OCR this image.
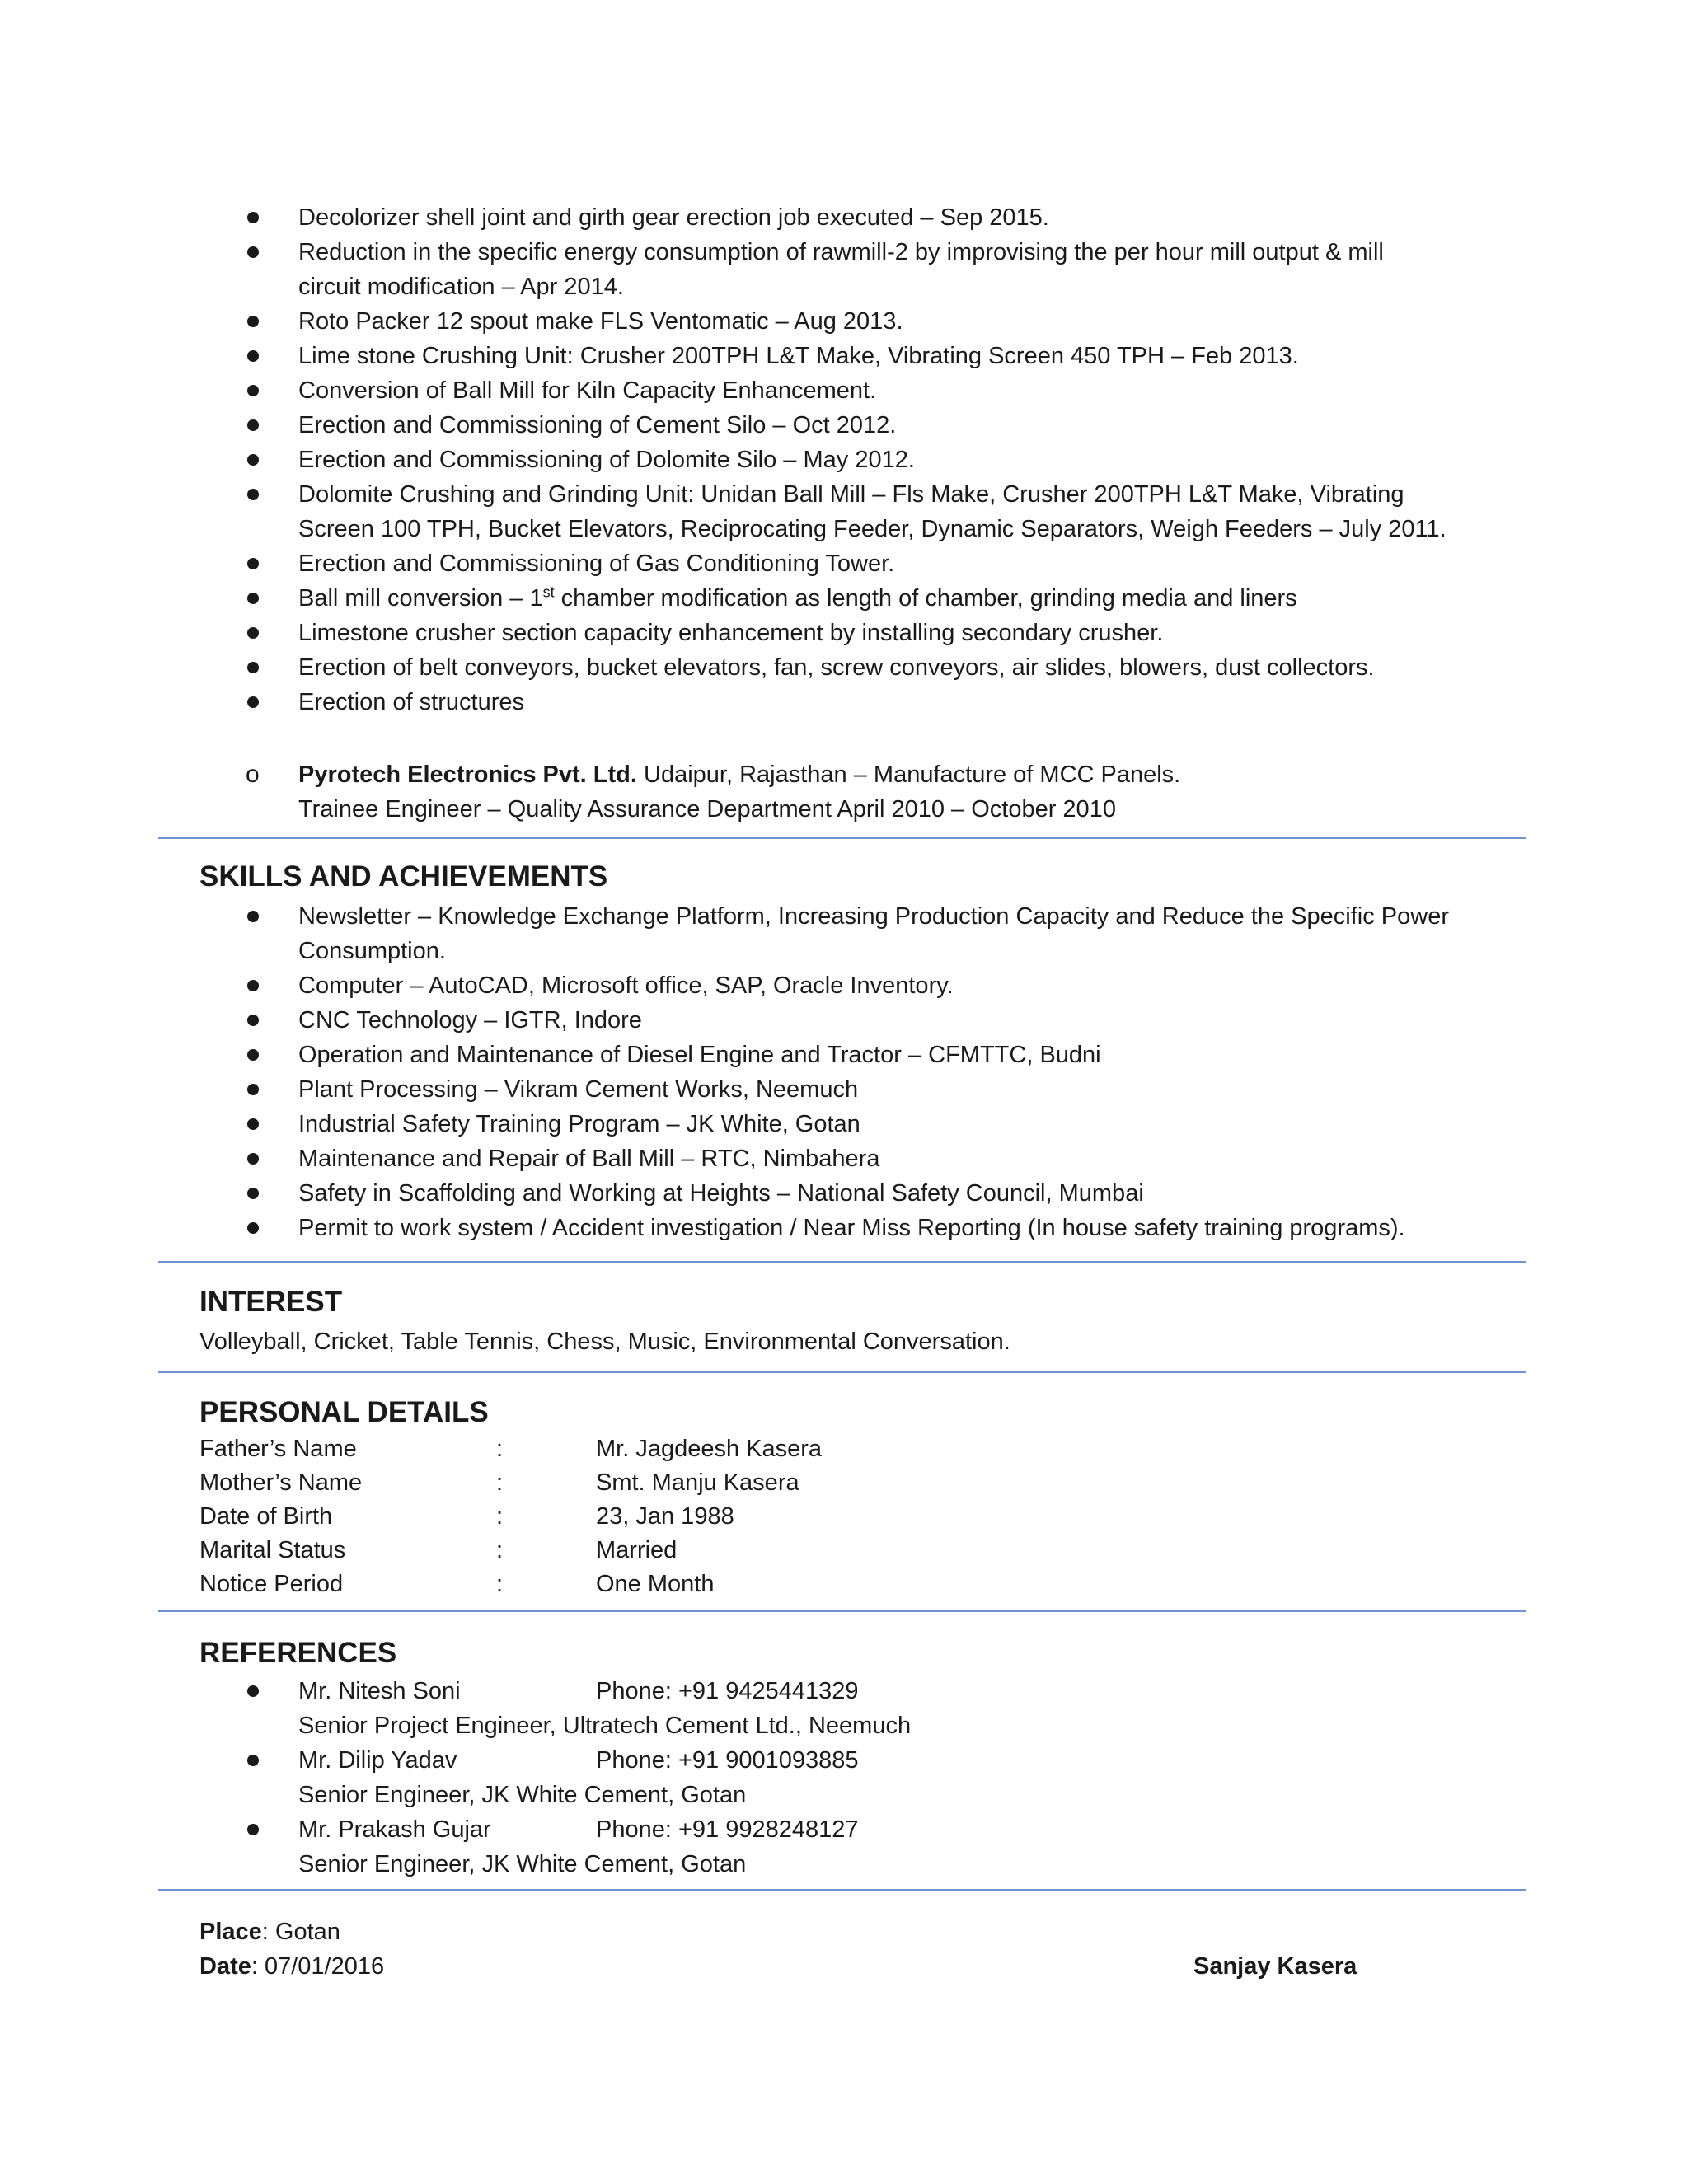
Decolorizer shell joint and girth gear erection job executed – Sep 2015.
Reduction in the specific energy consumption of rawmill-2 by improvising the per hour mill output & mill
circuit modification – Apr 2014.
Roto Packer 12 spout make FLS Ventomatic – Aug 2013.
Lime stone Crushing Unit: Crusher 200TPH L&T Make, Vibrating Screen 450 TPH – Feb 2013.
Conversion of Ball Mill for Kiln Capacity Enhancement.
Erection and Commissioning of Cement Silo – Oct 2012.
Erection and Commissioning of Dolomite Silo – May 2012.
Dolomite Crushing and Grinding Unit: Unidan Ball Mill – Fls Make, Crusher 200TPH L&T Make, Vibrating
Screen 100 TPH, Bucket Elevators, Reciprocating Feeder, Dynamic Separators, Weigh Feeders – July 2011.
Erection and Commissioning of Gas Conditioning Tower.
Ball mill conversion – 1st chamber modification as length of chamber, grinding media and liners
Limestone crusher section capacity enhancement by installing secondary crusher.
Erection of belt conveyors, bucket elevators, fan, screw conveyors, air slides, blowers, dust collectors.
Erection of structures
o Pyrotech Electronics Pvt. Ltd. Udaipur, Rajasthan – Manufacture of MCC Panels.
Trainee Engineer – Quality Assurance Department April 2010 – October 2010
SKILLS AND ACHIEVEMENTS
Newsletter – Knowledge Exchange Platform, Increasing Production Capacity and Reduce the Specific Power
Consumption.
Computer – AutoCAD, Microsoft office, SAP, Oracle Inventory.
CNC Technology – IGTR, Indore
Operation and Maintenance of Diesel Engine and Tractor – CFMTTC, Budni
Plant Processing – Vikram Cement Works, Neemuch
Industrial Safety Training Program – JK White, Gotan
Maintenance and Repair of Ball Mill – RTC, Nimbahera
Safety in Scaffolding and Working at Heights – National Safety Council, Mumbai
Permit to work system / Accident investigation / Near Miss Reporting (In house safety training programs).
INTEREST
Volleyball, Cricket, Table Tennis, Chess, Music, Environmental Conversation.
PERSONAL DETAILS
Father’s Name	:	Mr. Jagdeesh Kasera
Mother’s Name	:	Smt. Manju Kasera
Date of Birth	:	23, Jan 1988
Marital Status	:	Married
Notice Period	:	One Month
REFERENCES
Mr. Nitesh Soni	Phone: +91 9425441329
Senior Project Engineer, Ultratech Cement Ltd., Neemuch
Mr. Dilip Yadav	Phone: +91 9001093885
Senior Engineer, JK White Cement, Gotan
Mr. Prakash Gujar	Phone: +91 9928248127
Senior Engineer, JK White Cement, Gotan
Place: Gotan
Date: 07/01/2016	Sanjay Kasera
